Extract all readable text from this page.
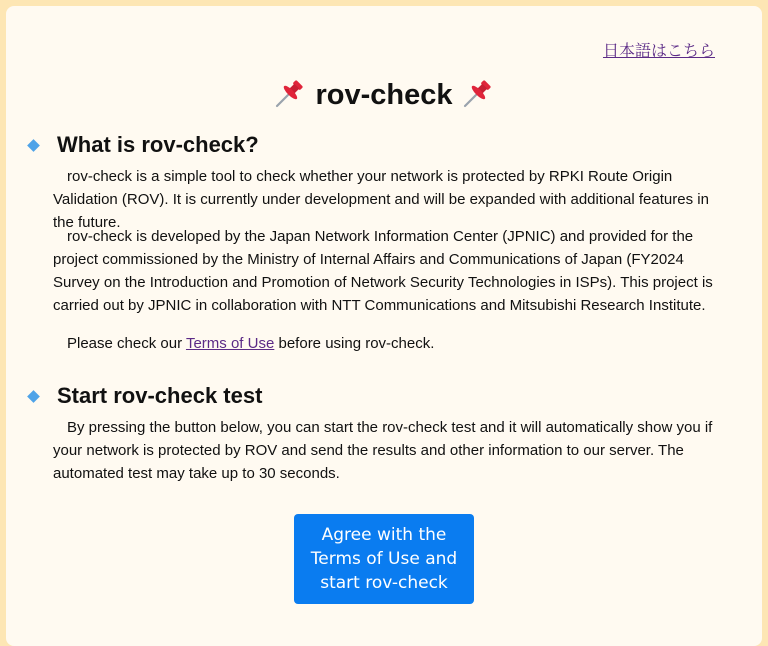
日本語はこちら
rov-check
What is rov-check?

rov-check is a simple tool to check whether your network is protected by RPKI Route Origin Validation (ROV). It is currently under development and will be expanded with additional features in the future.

rov-check is developed by the Japan Network Information Center (JPNIC) and provided for the project commissioned by the Ministry of Internal Affairs and Communications of Japan (FY2024 Survey on the Introduction and Promotion of Network Security Technologies in ISPs). This project is carried out by JPNIC in collaboration with NTT Communications and Mitsubishi Research Institute.

Please check our Terms of Use before using rov-check.

Start rov-check test

By pressing the button below, you can start the rov-check test and it will automatically show you if your network is protected by ROV and send the results and other information to our server. The automated test may take up to 30 seconds.

Agree with the Terms of Use and start rov-check
